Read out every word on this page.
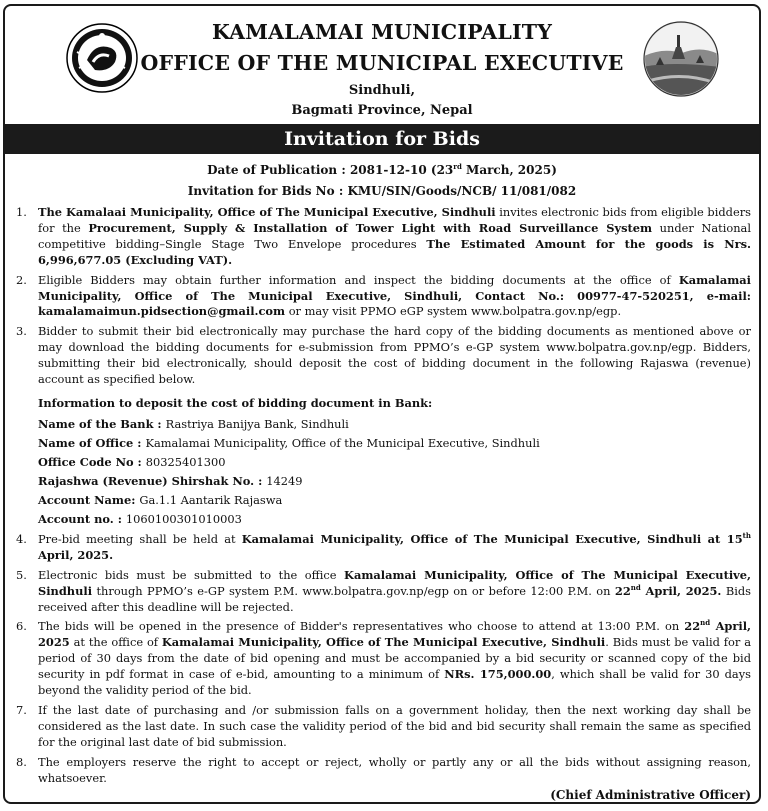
KAMALAMAI MUNICIPALITY
OFFICE OF THE MUNICIPAL EXECUTIVE
Sindhuli,
Bagmati Province, Nepal
Invitation for Bids
Date of Publication : 2081-12-10 (23rd March, 2025)
Invitation for Bids No : KMU/SIN/Goods/NCB/ 11/081/082
1. The Kamalaai Municipality, Office of The Municipal Executive, Sindhuli invites electronic bids from eligible bidders for the Procurement, Supply & Installation of Tower Light with Road Surveillance System under National competitive bidding–Single Stage Two Envelope procedures The Estimated Amount for the goods is Nrs. 6,996,677.05 (Excluding VAT).
2. Eligible Bidders may obtain further information and inspect the bidding documents at the office of Kamalamai Municipality, Office of The Municipal Executive, Sindhuli, Contact No.: 00977-47-520251, e-mail: kamalamaimun.pidsection@gmail.com or may visit PPMO eGP system www.bolpatra.gov.np/egp.
3. Bidder to submit their bid electronically may purchase the hard copy of the bidding documents as mentioned above or may download the bidding documents for e-submission from PPMO’s e-GP system www.bolpatra.gov.np/egp. Bidders, submitting their bid electronically, should deposit the cost of bidding document in the following Rajaswa (revenue) account as specified below.
Information to deposit the cost of bidding document in Bank:
Name of the Bank : Rastriya Banijya Bank, Sindhuli
Name of Office : Kamalamai Municipality, Office of the Municipal Executive, Sindhuli
Office Code No : 80325401300
Rajashwa (Revenue) Shirshak No. : 14249
Account Name: Ga.1.1 Aantarik Rajaswa
Account no. : 1060100301010003
4. Pre-bid meeting shall be held at Kamalamai Municipality, Office of The Municipal Executive, Sindhuli at 15th April, 2025.
5. Electronic bids must be submitted to the office Kamalamai Municipality, Office of The Municipal Executive, Sindhuli through PPMO’s e-GP system P.M. www.bolpatra.gov.np/egp on or before 12:00 P.M. on 22nd April, 2025. Bids received after this deadline will be rejected.
6. The bids will be opened in the presence of Bidder's representatives who choose to attend at 13:00 P.M. on 22nd April, 2025 at the office of Kamalamai Municipality, Office of The Municipal Executive, Sindhuli. Bids must be valid for a period of 30 days from the date of bid opening and must be accompanied by a bid security or scanned copy of the bid security in pdf format in case of e-bid, amounting to a minimum of NRs. 175,000.00, which shall be valid for 30 days beyond the validity period of the bid.
7. If the last date of purchasing and /or submission falls on a government holiday, then the next working day shall be considered as the last date. In such case the validity period of the bid and bid security shall remain the same as specified for the original last date of bid submission.
8. The employers reserve the right to accept or reject, wholly or partly any or all the bids without assigning reason, whatsoever.
(Chief Administrative Officer)
